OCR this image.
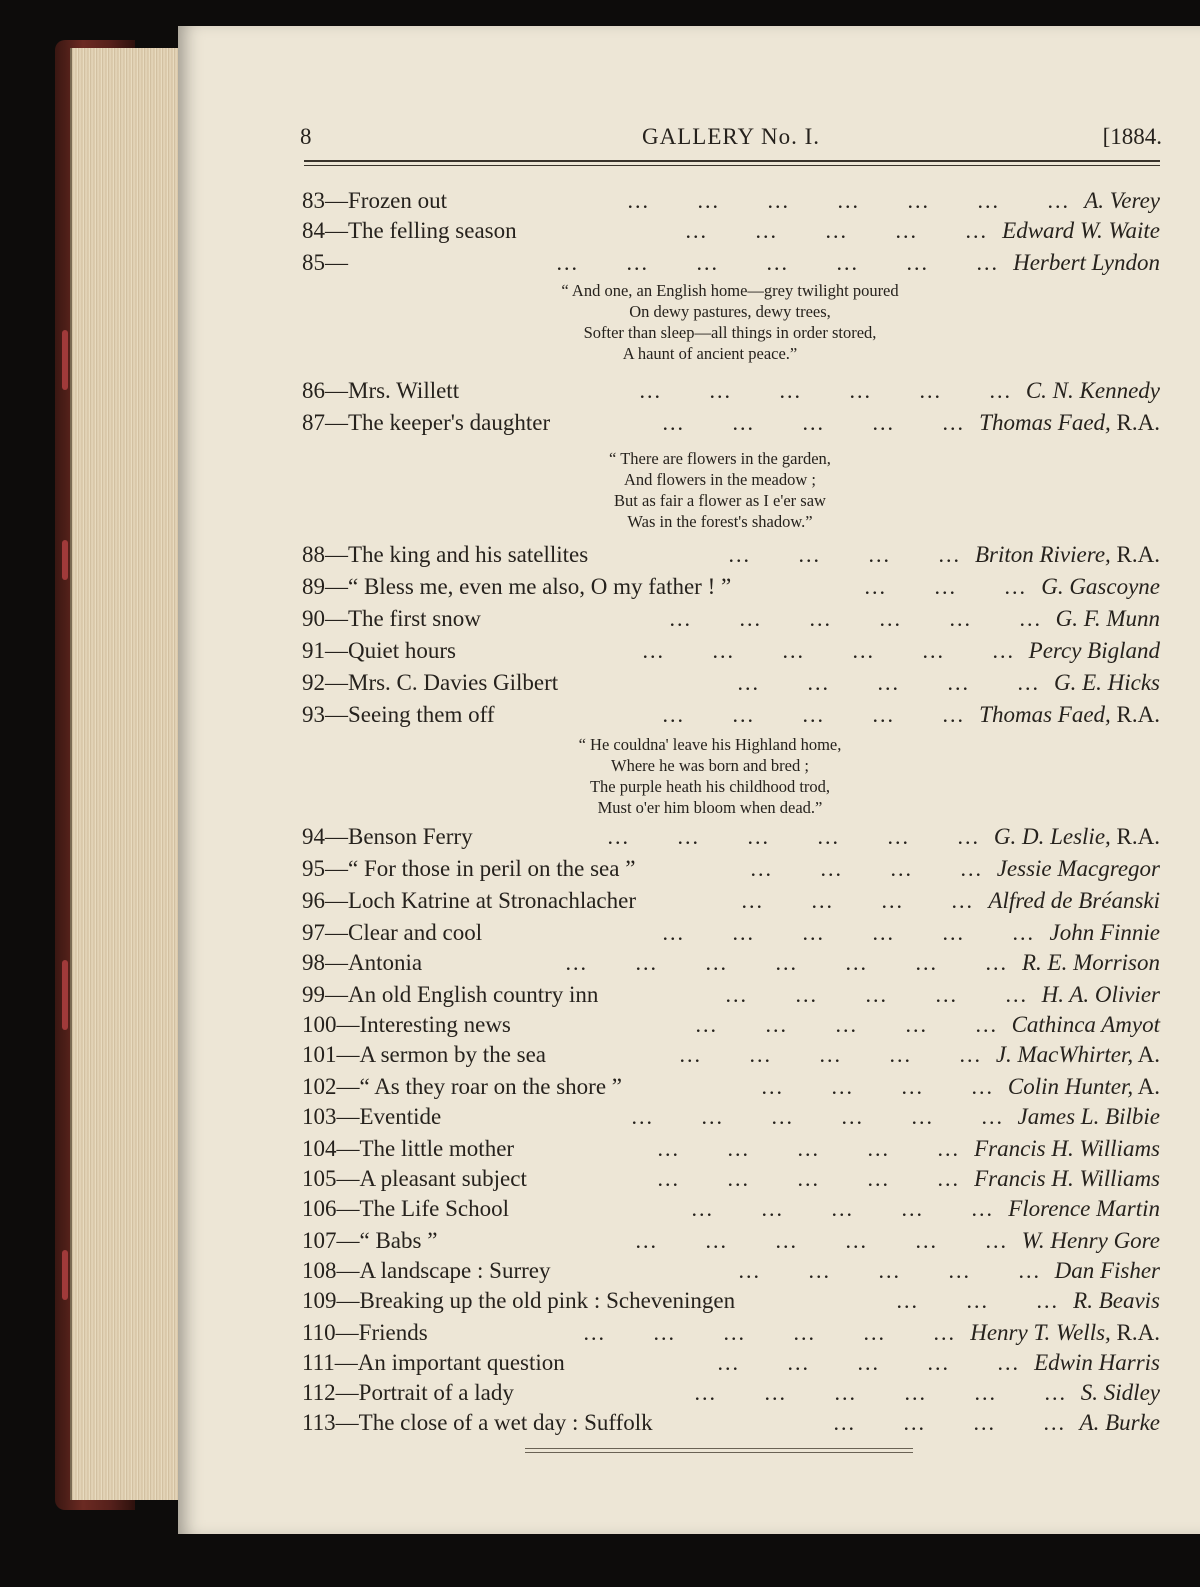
8	GALLERY No. I.	[1884.
83—Frozen out	... ... ... ... ... ... ... A. Verey
84—The felling season	... ... ... ... ... Edward W. Waite
85—	... ... ... ... ... ... ... Herbert Lyndon
86—Mrs. Willett	... ... ... ... ... ... C. N. Kennedy
87—The keeper's daughter	... ... ... ... ... Thomas Faed, R.A.
88—The king and his satellites	... ... ... ... Briton Riviere, R.A.
89—“ Bless me, even me also, O my father ! ”	... ... ... G. Gascoyne
90—The first snow	... ... ... ... ... ... G. F. Munn
91—Quiet hours	... ... ... ... ... ... Percy Bigland
92—Mrs. C. Davies Gilbert	... ... ... ... ... G. E. Hicks
93—Seeing them off	... ... ... ... ... Thomas Faed, R.A.
94—Benson Ferry	... ... ... ... ... ... G. D. Leslie, R.A.
95—“ For those in peril on the sea ”	... ... ... ... Jessie Macgregor
96—Loch Katrine at Stronachlacher	... ... ... ... Alfred de Bréanski
97—Clear and cool	... ... ... ... ... ... John Finnie
98—Antonia	... ... ... ... ... ... ... R. E. Morrison
99—An old English country inn	... ... ... ... ... H. A. Olivier
100—Interesting news	... ... ... ... ... Cathinca Amyot
101—A sermon by the sea	... ... ... ... ... J. MacWhirter, A.
102—“ As they roar on the shore ”	... ... ... ... Colin Hunter, A.
103—Eventide	... ... ... ... ... ... James L. Bilbie
104—The little mother	... ... ... ... ... Francis H. Williams
105—A pleasant subject	... ... ... ... ... Francis H. Williams
106—The Life School	... ... ... ... ... Florence Martin
107—“ Babs ”	... ... ... ... ... ... W. Henry Gore
108—A landscape : Surrey	... ... ... ... ... Dan Fisher
109—Breaking up the old pink : Scheveningen	... ... ... R. Beavis
110—Friends	... ... ... ... ... ... Henry T. Wells, R.A.
111—An important question	... ... ... ... ... Edwin Harris
112—Portrait of a lady	... ... ... ... ... ... S. Sidley
113—The close of a wet day : Suffolk	... ... ... ... A. Burke
“ And one, an English home—grey twilight poured
On dewy pastures, dewy trees,
Softer than sleep—all things in order stored,
A haunt of ancient peace.”
“ There are flowers in the garden,
And flowers in the meadow ;
But as fair a flower as I e'er saw
Was in the forest's shadow.”
“ He couldna' leave his Highland home,
Where he was born and bred ;
The purple heath his childhood trod,
Must o'er him bloom when dead.”
